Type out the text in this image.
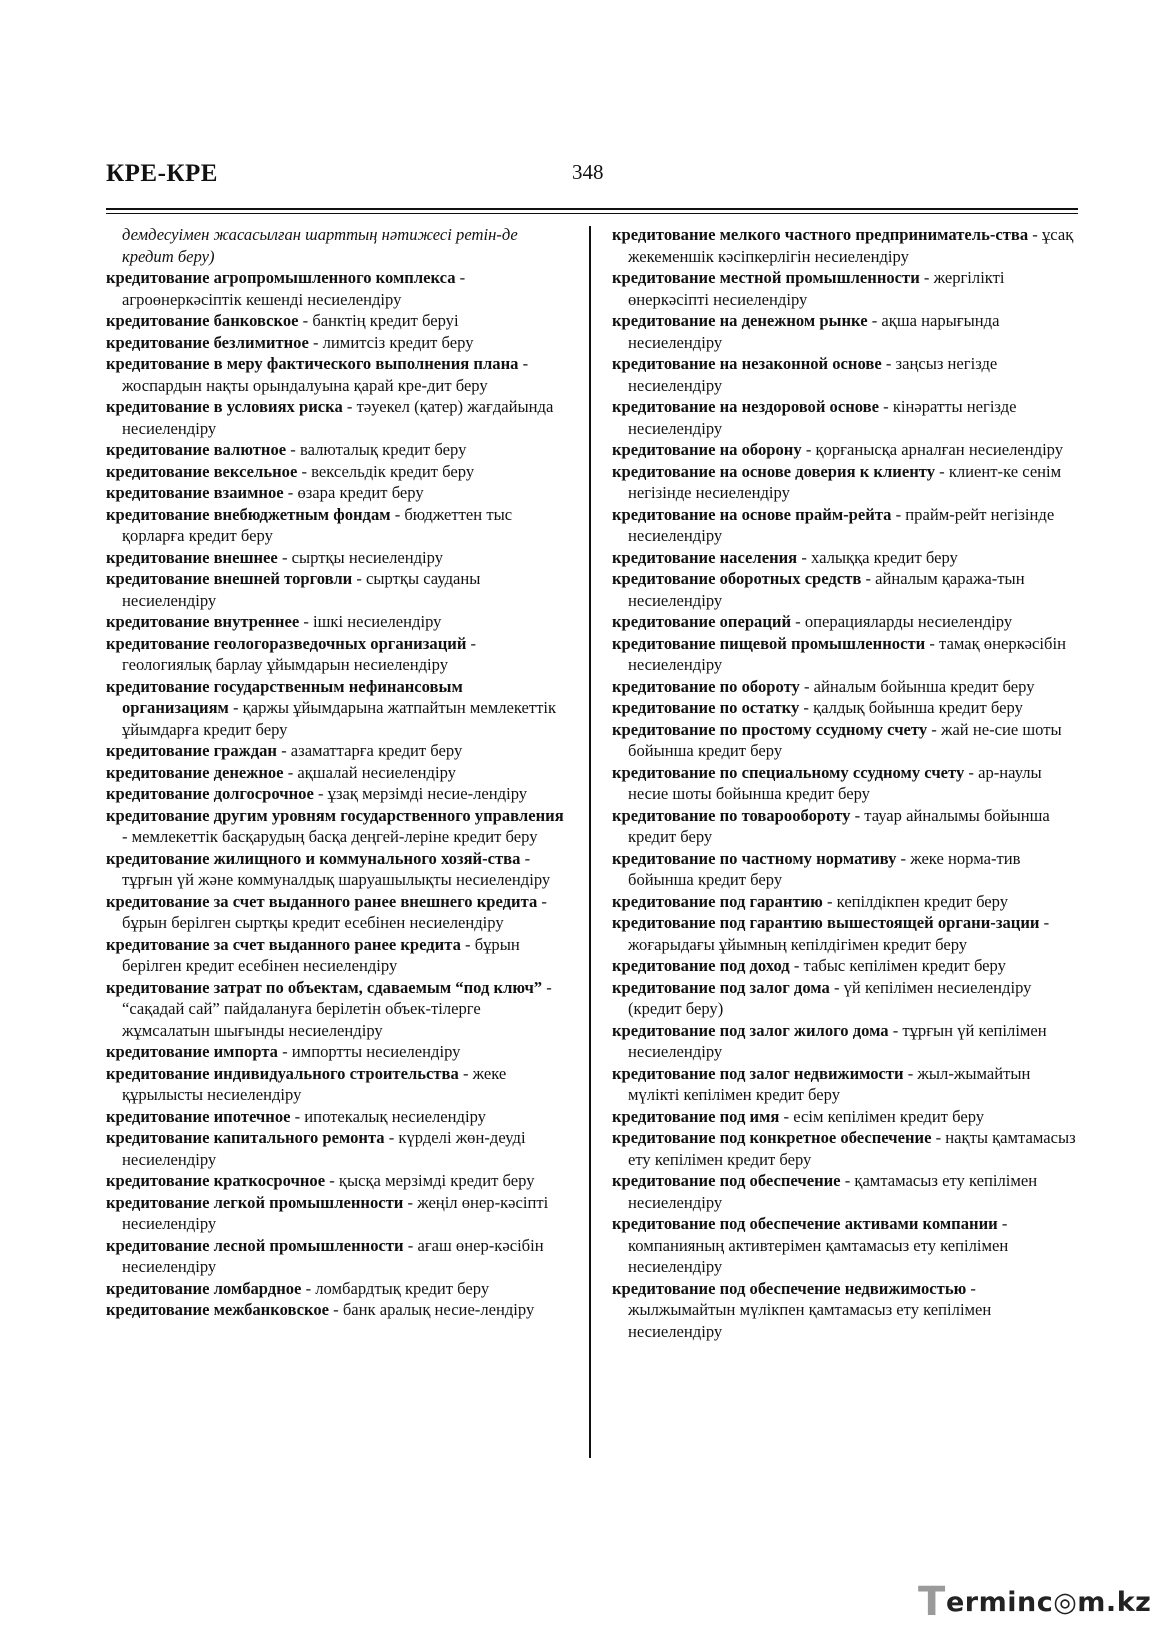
КРЕ-КРЕ	348

демдесуімен жасасылған шарттың нәтижесі ретін-де кредит беру)

кредитование агропромышленного комплекса - агроөнеркәсіптік кешенді несиелендіру

кредитование банковское - банктің кредит беруі

кредитование безлимитное - лимитсіз кредит беру

кредитование в меру фактического выполнения плана - жоспардын нақты орындалуына қарай кре-дит беру

кредитование в условиях риска - тәуекел (қатер) жағдайында несиелендіру

кредитование валютное - валюталық кредит беру

кредитование вексельное - вексельдік кредит беру

кредитование взаимное - өзара кредит беру

кредитование внебюджетным фондам - бюджеттен тыс қорларға кредит беру

кредитование внешнее - сыртқы несиелендіру

кредитование внешней торговли - сыртқы сауданы несиелендіру

кредитование внутреннее - ішкі несиелендіру

кредитование геологоразведочных организаций - геологиялық барлау ұйымдарын несиелендіру

кредитование государственным нефинансовым организациям - қаржы ұйымдарына жатпайтын мемлекеттік ұйымдарға кредит беру

кредитование граждан - азаматтарға кредит беру

кредитование денежное - ақшалай несиелендіру

кредитование долгосрочное - ұзақ мерзімді несие-лендіру

кредитование другим уровням государственного управления - мемлекеттік басқарудың басқа деңгей-леріне кредит беру

кредитование жилищного и коммунального хозяй-ства - тұрғын үй және коммуналдық шаруашылықты несиелендіру

кредитование за счет выданного ранее внешнего кредита - бұрын берілген сыртқы кредит есебінен несиелендіру

кредитование за счет выданного ранее кредита - бұрын берілген кредит есебінен несиелендіру

кредитование затрат по объектам, сдаваемым “под ключ” - “сақадай сай” пайдалануға берілетін объек-тілерге жұмсалатын шығынды несиелендіру

кредитование импорта - импортты несиелендіру

кредитование индивидуального строительства - жеке құрылысты несиелендіру

кредитование ипотечное - ипотекалық несиелендіру

кредитование капитального ремонта - күрделі жөн-деуді несиелендіру

кредитование краткосрочное - қысқа мерзімді кредит беру

кредитование легкой промышленности - жеңіл өнер-кәсіпті несиелендіру

кредитование лесной промышленности - ағаш өнер-кәсібін несиелендіру

кредитование ломбардное - ломбардтық кредит беру

кредитование межбанковское - банк аралық несие-лендіру

кредитование мелкого частного предприниматель-ства - ұсақ жекеменшік кәсіпкерлігін несиелендіру

кредитование местной промышленности - жергілікті өнеркәсіпті несиелендіру

кредитование на денежном рынке - ақша нарығында несиелендіру

кредитование на незаконной основе - заңсыз негізде несиелендіру

кредитование на нездоровой основе - кінәратты негізде несиелендіру

кредитование на оборону - қорғанысқа арналған несиелендіру

кредитование на основе доверия к клиенту - клиент-ке сенім негізінде несиелендіру

кредитование на основе прайм-рейта - прайм-рейт негізінде несиелендіру

кредитование населения - халыққа кредит беру

кредитование оборотных средств - айналым қаража-тын несиелендіру

кредитование операций - операцияларды несиелендіру

кредитование пищевой промышленности - тамақ өнеркәсібін несиелендіру

кредитование по обороту - айналым бойынша кредит беру

кредитование по остатку - қалдық бойынша кредит беру

кредитование по простому ссудному счету - жай не-сие шоты бойынша кредит беру

кредитование по специальному ссудному счету - ар-наулы несие шоты бойынша кредит беру

кредитование по товарообороту - тауар айналымы бойынша кредит беру

кредитование по частному нормативу - жеке норма-тив бойынша кредит беру

кредитование под гарантию - кепілдікпен кредит беру

кредитование под гарантию вышестоящей органи-зации - жоғарыдағы ұйымның кепілдігімен кредит беру

кредитование под доход - табыс кепілімен кредит беру

кредитование под залог дома - үй кепілімен несиелендіру (кредит беру)

кредитование под залог жилого дома - тұрғын үй кепілімен несиелендіру

кредитование под залог недвижимости - жыл-жымайтын мүлікті кепілімен кредит беру

кредитование под имя - есім кепілімен кредит беру

кредитование под конкретное обеспечение - нақты қамтамасыз ету кепілімен кредит беру

кредитование под обеспечение - қамтамасыз ету кепілімен несиелендіру

кредитование под обеспечение активами компании - компанияның активтерімен қамтамасыз ету кепілімен несиелендіру

кредитование под обеспечение недвижимостью - жылжымайтын мүлікпен қамтамасыз ету кепілімен несиелендіру

T erminc◎m.kz
